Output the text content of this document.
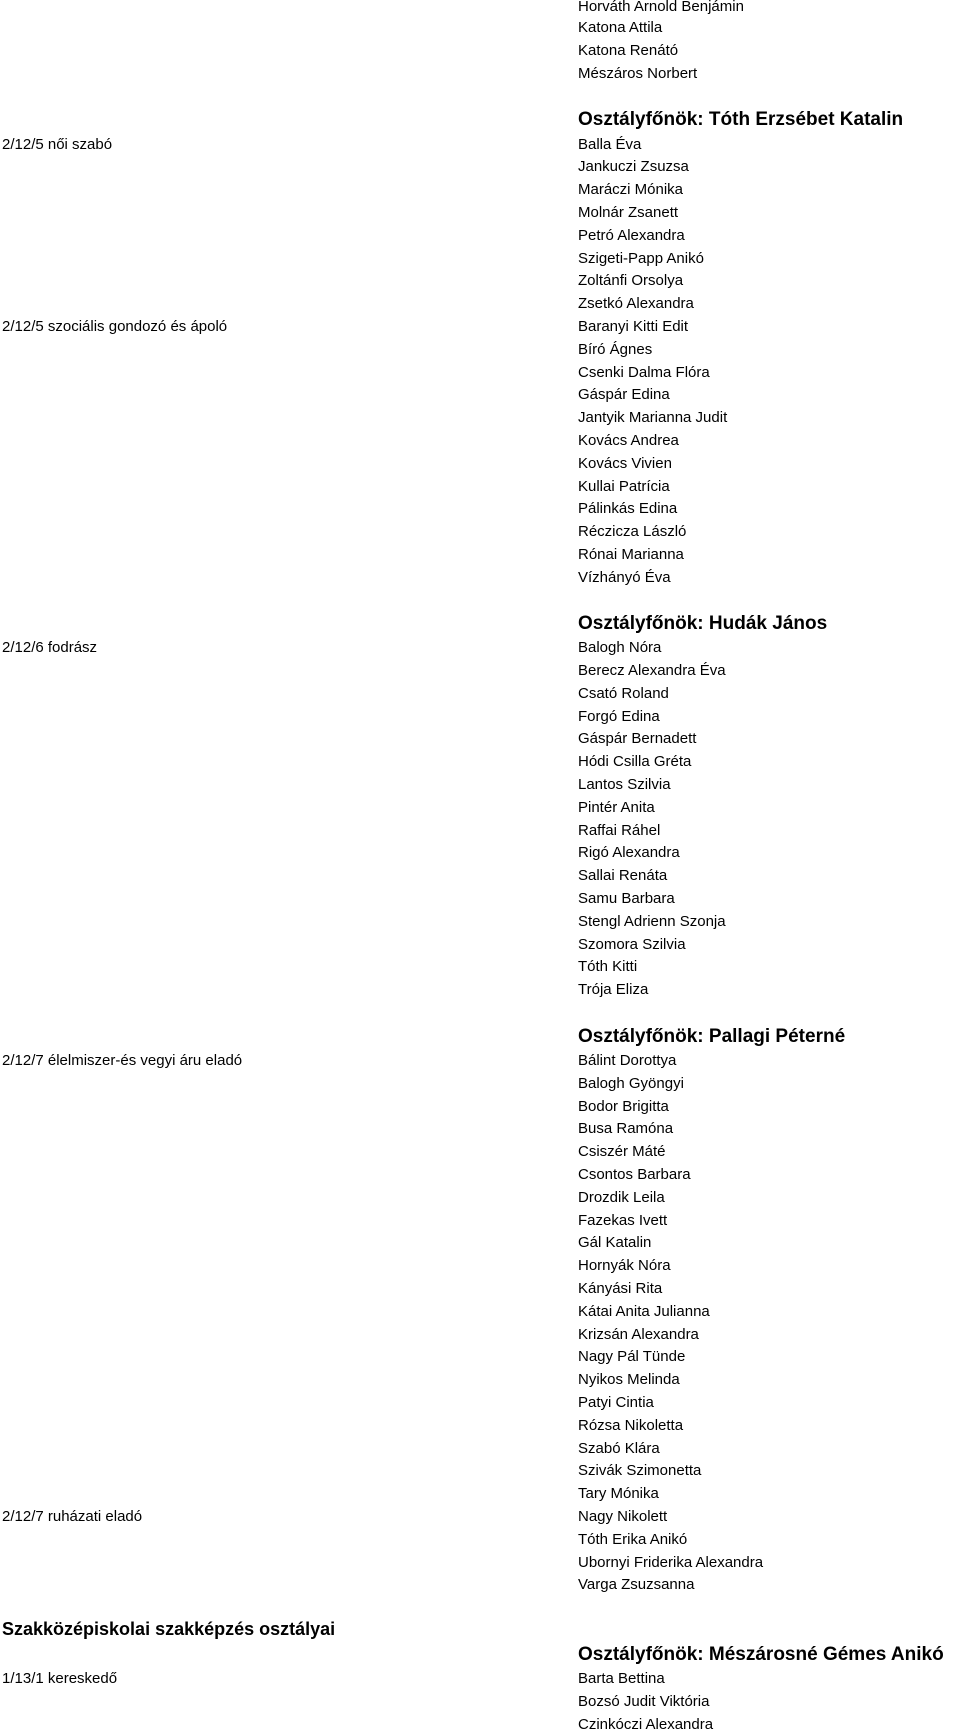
Horváth Arnold Benjámin
Katona Attila
Katona Renátó
Mészáros Norbert
Osztályfőnök: Tóth Erzsébet Katalin
2/12/5 női szabó	Balla Éva
Jankuczi Zsuzsa
Maráczi Mónika
Molnár Zsanett
Petró Alexandra
Szigeti-Papp Anikó
Zoltánfi Orsolya
Zsetkó Alexandra
2/12/5 szociális gondozó és ápoló	Baranyi Kitti Edit
Bíró Ágnes
Csenki Dalma Flóra
Gáspár Edina
Jantyik Marianna Judit
Kovács Andrea
Kovács Vivien
Kullai Patrícia
Pálinkás Edina
Réczicza László
Rónai Marianna
Vízhányó Éva
Osztályfőnök: Hudák János
2/12/6 fodrász	Balogh Nóra
Berecz Alexandra Éva
Csató Roland
Forgó Edina
Gáspár Bernadett
Hódi Csilla Gréta
Lantos Szilvia
Pintér Anita
Raffai Ráhel
Rigó Alexandra
Sallai Renáta
Samu Barbara
Stengl Adrienn Szonja
Szomora Szilvia
Tóth Kitti
Trója Eliza
Osztályfőnök: Pallagi Péterné
2/12/7 élelmiszer-és vegyi áru eladó	Bálint Dorottya
Balogh Gyöngyi
Bodor Brigitta
Busa Ramóna
Csiszér Máté
Csontos Barbara
Drozdik Leila
Fazekas Ivett
Gál Katalin
Hornyák Nóra
Kányási Rita
Kátai Anita Julianna
Krizsán Alexandra
Nagy Pál Tünde
Nyikos Melinda
Patyi Cintia
Rózsa Nikoletta
Szabó Klára
Szivák Szimonetta
Tary Mónika
2/12/7 ruházati eladó	Nagy Nikolett
Tóth Erika Anikó
Ubornyi Friderika Alexandra
Varga Zsuzsanna
Szakközépiskolai szakképzés osztályai
Osztályfőnök: Mészárosné Gémes Anikó
1/13/1 kereskedő	Barta Bettina
Bozsó Judit Viktória
Czinkóczi Alexandra
